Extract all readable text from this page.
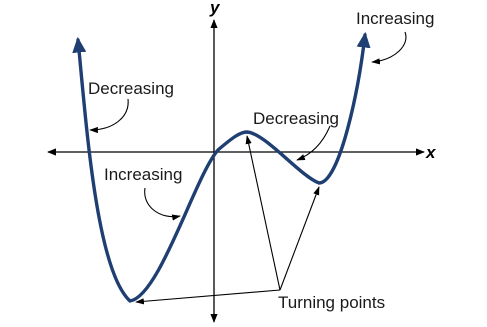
x
y
Decreasing
Increasing
Decreasing
Increasing
Turning points
